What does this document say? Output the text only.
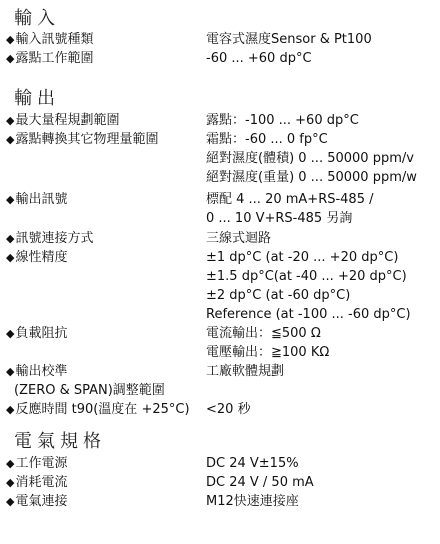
輸入
◆輸入訊號種類	電容式濕度Sensor & Pt100
◆露點工作範圍	-60 ... +60 dp°C
輸出
◆最大量程規劃範圍	露點：-100 ... +60 dp°C
◆露點轉換其它物理量範圍	霜點：-60 ... 0 fp°C
絕對濕度(體積) 0 ... 50000 ppm/v
絕對濕度(重量) 0 ... 50000 ppm/w
◆輸出訊號	標配 4 ... 20 mA+RS-485 /
0 ... 10 V+RS-485 另詢
◆訊號連接方式	三線式迴路
◆線性精度	±1 dp°C (at -20 ... +20 dp°C)
±1.5 dp°C(at -40 ... +20 dp°C)
±2 dp°C (at -60 dp°C)
Reference (at -100 ... -60 dp°C)
◆負載阻抗	電流輸出：≦500 Ω
電壓輸出：≧100 KΩ
◆輸出校準	工廠軟體規劃
(ZERO & SPAN)調整範圍
◆反應時間 t90(溫度在 +25°C) <20 秒
電氣規格
◆工作電源	DC 24 V±15%
◆消耗電流	DC 24 V / 50 mA
◆電氣連接	M12快速連接座
